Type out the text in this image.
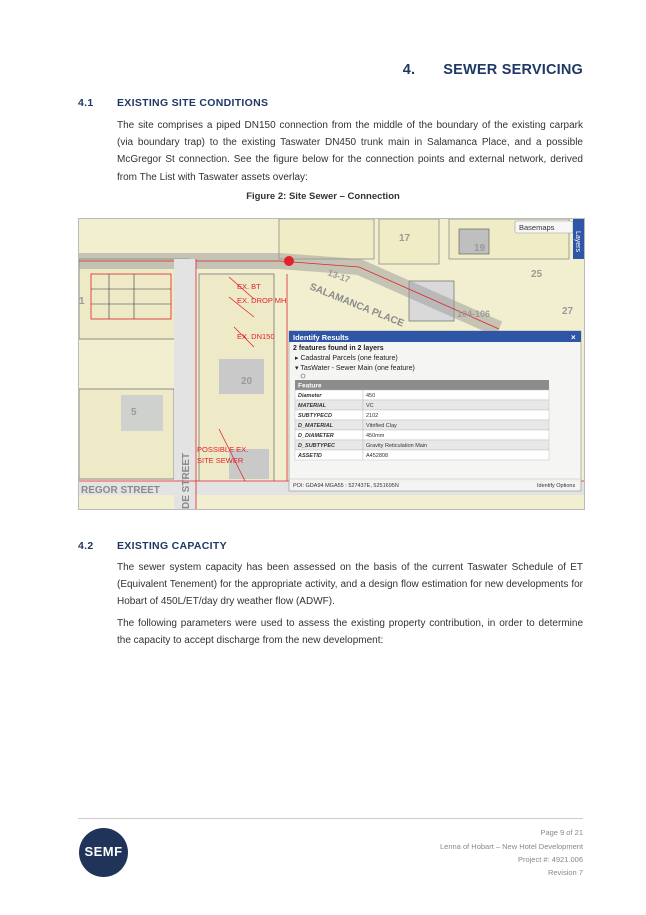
4. SEWER SERVICING
4.1 EXISTING SITE CONDITIONS
The site comprises a piped DN150 connection from the middle of the boundary of the existing carpark (via boundary trap) to the existing Taswater DN450 trunk main in Salamanca Place, and a possible McGregor St connection. See the figure below for the connection points and external network, derived from The List with Taswater assets overlay:
Figure 2: Site Sewer – Connection
SALAMANCA PLACE
REGOR STREET DE STREET
17
13-17
19
25
27
104-106
20
5
1
EX. BT
EX. DROP MH
EX. DN150
POSSIBLE EX.
SITE SEWER
Basemaps
Layers
Identify Results	×
2 features found in 2 layers
▸ Cadastral Parcels (one feature)
▾ TasWater - Sewer Main (one feature)
Feature
Diameter	450
MATERIAL	VC
SUBTYPECD	2102
D_MATERIAL	Vitrified Clay
D_DIAMETER	450mm
D_SUBTYPEC	Gravity Reticulation Main
ASSETID	A452808
POI: GDA94 MGA55 : 527437E, 5251695N	Identify Options
4.2 EXISTING CAPACITY
The sewer system capacity has been assessed on the basis of the current Taswater Schedule of ET (Equivalent Tenement) for the appropriate activity, and a design flow estimation for new developments for Hobart of 450L/ET/day dry weather flow (ADWF).
The following parameters were used to assess the existing property contribution, in order to determine the capacity to accept discharge from the new development:
SEMF
Page 9 of 21
Lenna of Hobart – New Hotel Development
Project #: 4921.006
Revision 7
